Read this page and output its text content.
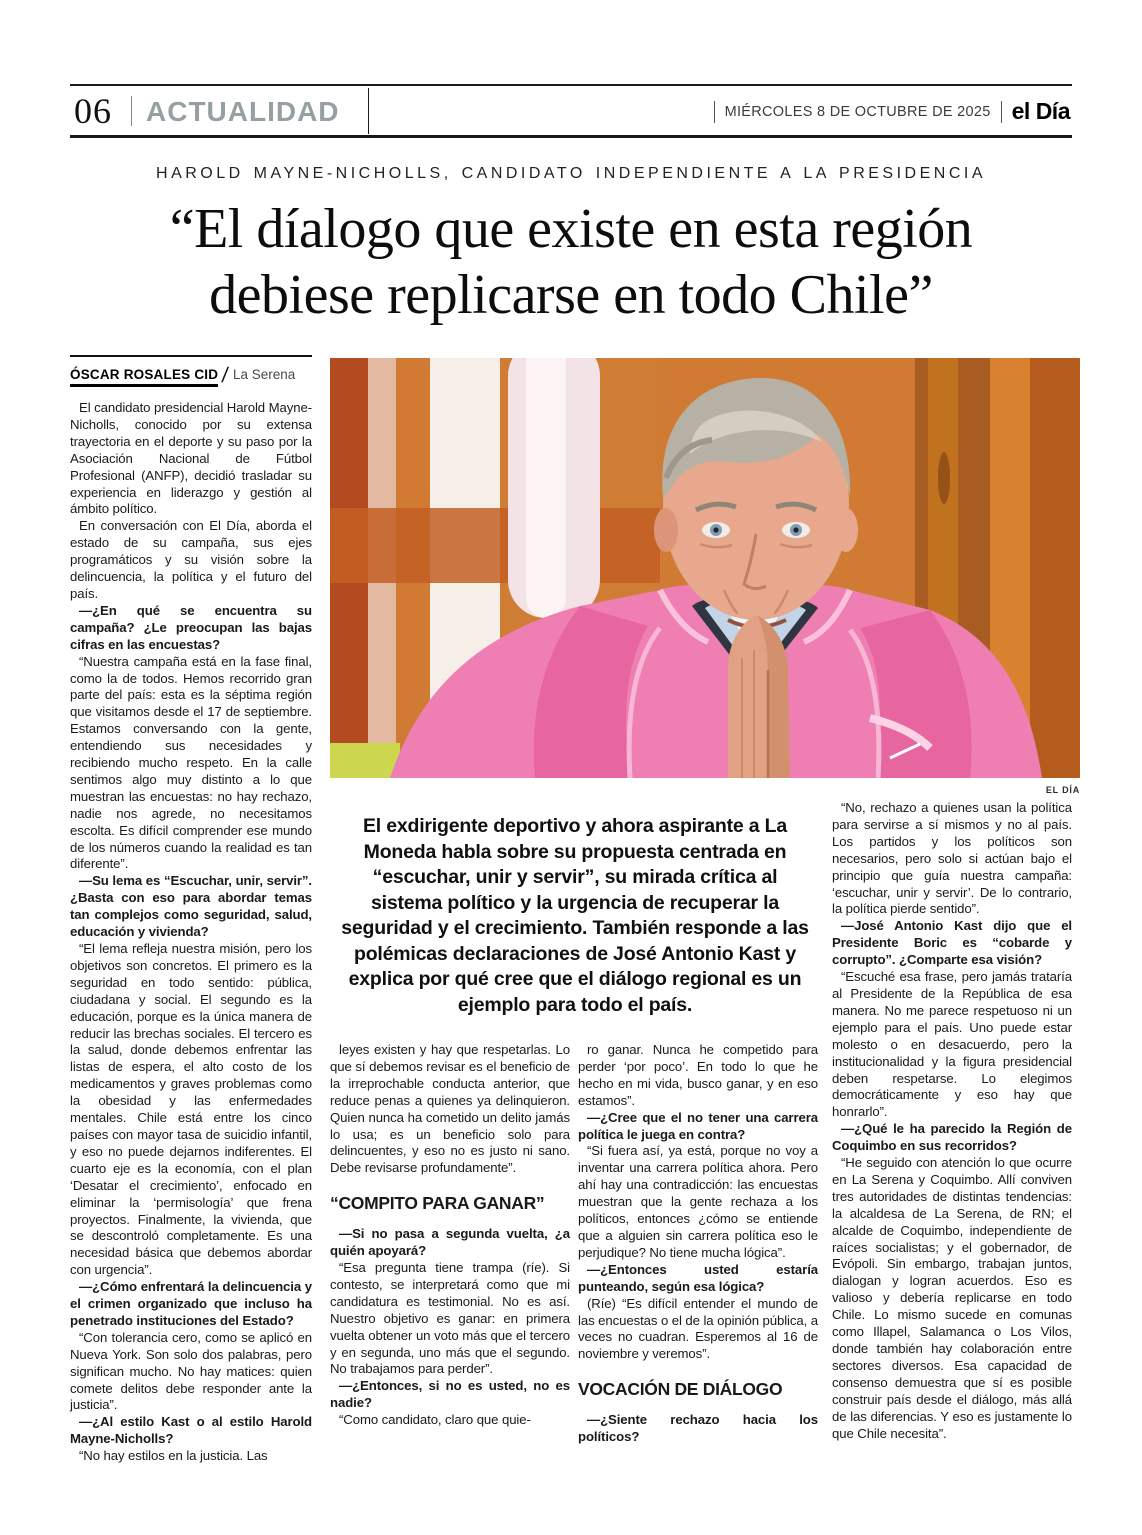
06 ACTUALIDAD	MIÉRCOLES 8 DE OCTUBRE DE 2025 el Día
HAROLD MAYNE-NICHOLLS, CANDIDATO INDEPENDIENTE A LA PRESIDENCIA
“El díalogo que existe en esta región
debiese replicarse en todo Chile”
ÓSCAR ROSALES CID / La Serena
EL DÍA
El exdirigente deportivo y ahora aspirante a La Moneda habla sobre su propuesta centrada en “escuchar, unir y servir”, su mirada crítica al sistema político y la urgencia de recuperar la seguridad y el crecimiento. También responde a las polémicas declaraciones de José Antonio Kast y explica por qué cree que el diálogo regional es un ejemplo para todo el país.
El candidato presidencial Harold Mayne-Nicholls, conocido por su extensa trayectoria en el deporte y su paso por la Asociación Nacional de Fútbol Profesional (ANFP), decidió trasladar su experiencia en liderazgo y gestión al ámbito político.
En conversación con El Día, aborda el estado de su campaña, sus ejes programáticos y su visión sobre la delincuencia, la política y el futuro del país.
—¿En qué se encuentra su campaña? ¿Le preocupan las bajas cifras en las encuestas?
“Nuestra campaña está en la fase final, como la de todos. Hemos recorrido gran parte del país: esta es la séptima región que visitamos desde el 17 de septiembre. Estamos conversando con la gente, entendiendo sus necesidades y recibiendo mucho respeto. En la calle sentimos algo muy distinto a lo que muestran las encuestas: no hay rechazo, nadie nos agrede, no necesitamos escolta. Es difícil comprender ese mundo de los números cuando la realidad es tan diferente”.
—Su lema es “Escuchar, unir, servir”. ¿Basta con eso para abordar temas tan complejos como seguridad, salud, educación y vivienda?
“El lema refleja nuestra misión, pero los objetivos son concretos. El primero es la seguridad en todo sentido: pública, ciudadana y social. El segundo es la educación, porque es la única manera de reducir las brechas sociales. El tercero es la salud, donde debemos enfrentar las listas de espera, el alto costo de los medicamentos y graves problemas como la obesidad y las enfermedades mentales. Chile está entre los cinco países con mayor tasa de suicidio infantil, y eso no puede dejarnos indiferentes. El cuarto eje es la economía, con el plan ‘Desatar el crecimiento’, enfocado en eliminar la ‘permisología’ que frena proyectos. Finalmente, la vivienda, que se descontroló completamente. Es una necesidad básica que debemos abordar con urgencia”.
—¿Cómo enfrentará la delincuencia y el crimen organizado que incluso ha penetrado instituciones del Estado?
“Con tolerancia cero, como se aplicó en Nueva York. Son solo dos palabras, pero significan mucho. No hay matices: quien comete delitos debe responder ante la justicia”.
—¿Al estilo Kast o al estilo Harold Mayne-Nicholls?
“No hay estilos en la justicia. Las
leyes existen y hay que respetarlas. Lo que sí debemos revisar es el beneficio de la irreprochable conducta anterior, que reduce penas a quienes ya delinquieron. Quien nunca ha cometido un delito jamás lo usa; es un beneficio solo para delincuentes, y eso no es justo ni sano. Debe revisarse profundamente”.
“COMPITO PARA GANAR”
—Si no pasa a segunda vuelta, ¿a quién apoyará?
“Esa pregunta tiene trampa (ríe). Si contesto, se interpretará como que mi candidatura es testimonial. No es así. Nuestro objetivo es ganar: en primera vuelta obtener un voto más que el tercero y en segunda, uno más que el segundo. No trabajamos para perder”.
—¿Entonces, si no es usted, no es nadie?
“Como candidato, claro que quie-
ro ganar. Nunca he competido para perder ‘por poco’. En todo lo que he hecho en mi vida, busco ganar, y en eso estamos”.
—¿Cree que el no tener una carrera política le juega en contra?
“Si fuera así, ya está, porque no voy a inventar una carrera política ahora. Pero ahí hay una contradicción: las encuestas muestran que la gente rechaza a los políticos, entonces ¿cómo se entiende que a alguien sin carrera política eso le perjudique? No tiene mucha lógica”.
—¿Entonces usted estaría punteando, según esa lógica?
(Ríe) “Es difícil entender el mundo de las encuestas o el de la opinión pública, a veces no cuadran. Esperemos al 16 de noviembre y veremos”.
VOCACIÓN DE DIÁLOGO
—¿Siente rechazo hacia los políticos?
“No, rechazo a quienes usan la política para servirse a sí mismos y no al país. Los partidos y los políticos son necesarios, pero solo si actúan bajo el principio que guía nuestra campaña: ‘escuchar, unir y servir’. De lo contrario, la política pierde sentido”.
—José Antonio Kast dijo que el Presidente Boric es “cobarde y corrupto”. ¿Comparte esa visión?
“Escuché esa frase, pero jamás trataría al Presidente de la República de esa manera. No me parece respetuoso ni un ejemplo para el país. Uno puede estar molesto o en desacuerdo, pero la institucionalidad y la figura presidencial deben respetarse. Lo elegimos democráticamente y eso hay que honrarlo”.
—¿Qué le ha parecido la Región de Coquimbo en sus recorridos?
“He seguido con atención lo que ocurre en La Serena y Coquimbo. Allí conviven tres autoridades de distintas tendencias: la alcaldesa de La Serena, de RN; el alcalde de Coquimbo, independiente de raíces socialistas; y el gobernador, de Evópoli. Sin embargo, trabajan juntos, dialogan y logran acuerdos. Eso es valioso y debería replicarse en todo Chile. Lo mismo sucede en comunas como Illapel, Salamanca o Los Vilos, donde también hay colaboración entre sectores diversos. Esa capacidad de consenso demuestra que sí es posible construir país desde el diálogo, más allá de las diferencias. Y eso es justamente lo que Chile necesita”.
